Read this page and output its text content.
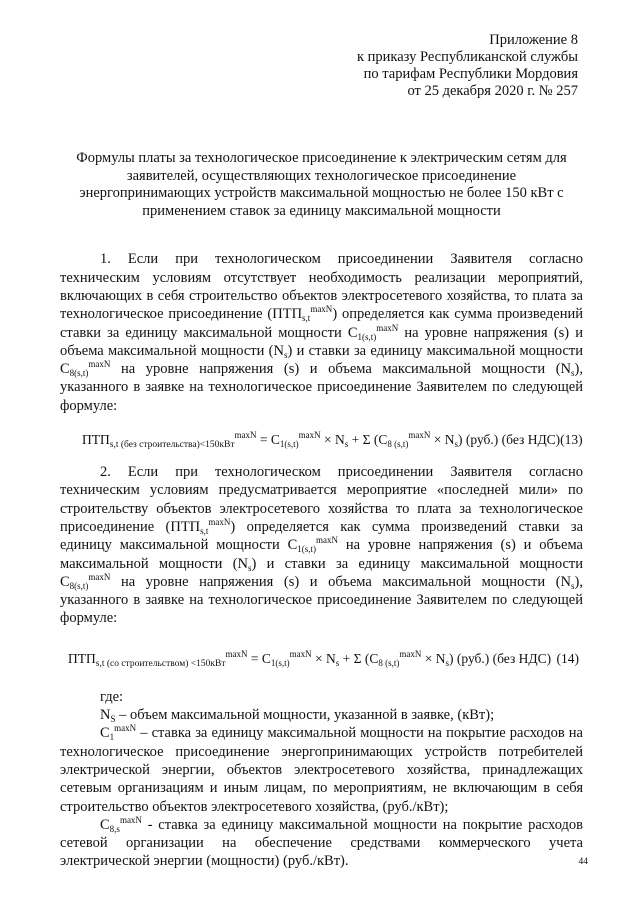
Приложение 8
к приказу Республиканской службы
по тарифам Республики Мордовия
от 25 декабря 2020 г. № 257
Формулы платы за технологическое присоединение к электрическим сетям для заявителей, осуществляющих технологическое присоединение энергопринимающих устройств максимальной мощностью не более 150 кВт с применением ставок за единицу максимальной мощности
1. Если при технологическом присоединении Заявителя согласно техническим условиям отсутствует необходимость реализации мероприятий, включающих в себя строительство объектов электросетевого хозяйства, то плата за технологическое присоединение $(ПТП_{s,t}^{maxN})$ определяется как сумма произведений ставки за единицу максимальной мощности $С_{1(s,t)}^{maxN}$ на уровне напряжения (s) и объема максимальной мощности $(N_s)$ и ставки за единицу максимальной мощности $С_{8(s,t)}^{maxN}$ на уровне напряжения (s) и объема максимальной мощности $(N_s)$, указанного в заявке на технологическое присоединение Заявителем по следующей формуле:
$ПТП_{s,t (без строительства)<150кВт}^{maxN} = С_{1(s,t)}^{maxN} \times N_s + \Sigma$ $(С_{8 (s,t)}^{maxN} \times N_s)$ (руб.) (без НДС) (13)
2. Если при технологическом присоединении Заявителя согласно техническим условиям предусматривается мероприятие «последней мили» по строительству объектов электросетевого хозяйства то плата за технологическое присоединение $(ПТП_{s,t}^{maxN})$ определяется как сумма произведений ставки за единицу максимальной мощности $С_{1(s,t)}^{maxN}$ на уровне напряжения (s) и объема максимальной мощности $(N_s)$ и ставки за единицу максимальной мощности $С_{8(s,t)}^{maxN}$ на уровне напряжения (s) и объема максимальной мощности $(N_s)$, указанного в заявке на технологическое присоединение Заявителем по следующей формуле:
$ПТП_{s,t (со строительством) <150кВт}^{maxN} = С_{1(s,t)}^{maxN} \times N_s + \Sigma$ $(С_{8 (s,t)}^{maxN} \times N_s)$ (руб.) (без НДС) (14)
где:
$N_S$ – объем максимальной мощности, указанной в заявке, (кВт);
$С_1^{maxN}$ – ставка за единицу максимальной мощности на покрытие расходов на технологическое присоединение энергопринимающих устройств потребителей электрической энергии, объектов электросетевого хозяйства, принадлежащих сетевым организациям и иным лицам, по мероприятиям, не включающим в себя строительство объектов электросетевого хозяйства, (руб./кВт);
$С_{8,s}^{maxN}$ - ставка за единицу максимальной мощности на покрытие расходов сетевой организации на обеспечение средствами коммерческого учета электрической энергии (мощности) (руб./кВт).	44
